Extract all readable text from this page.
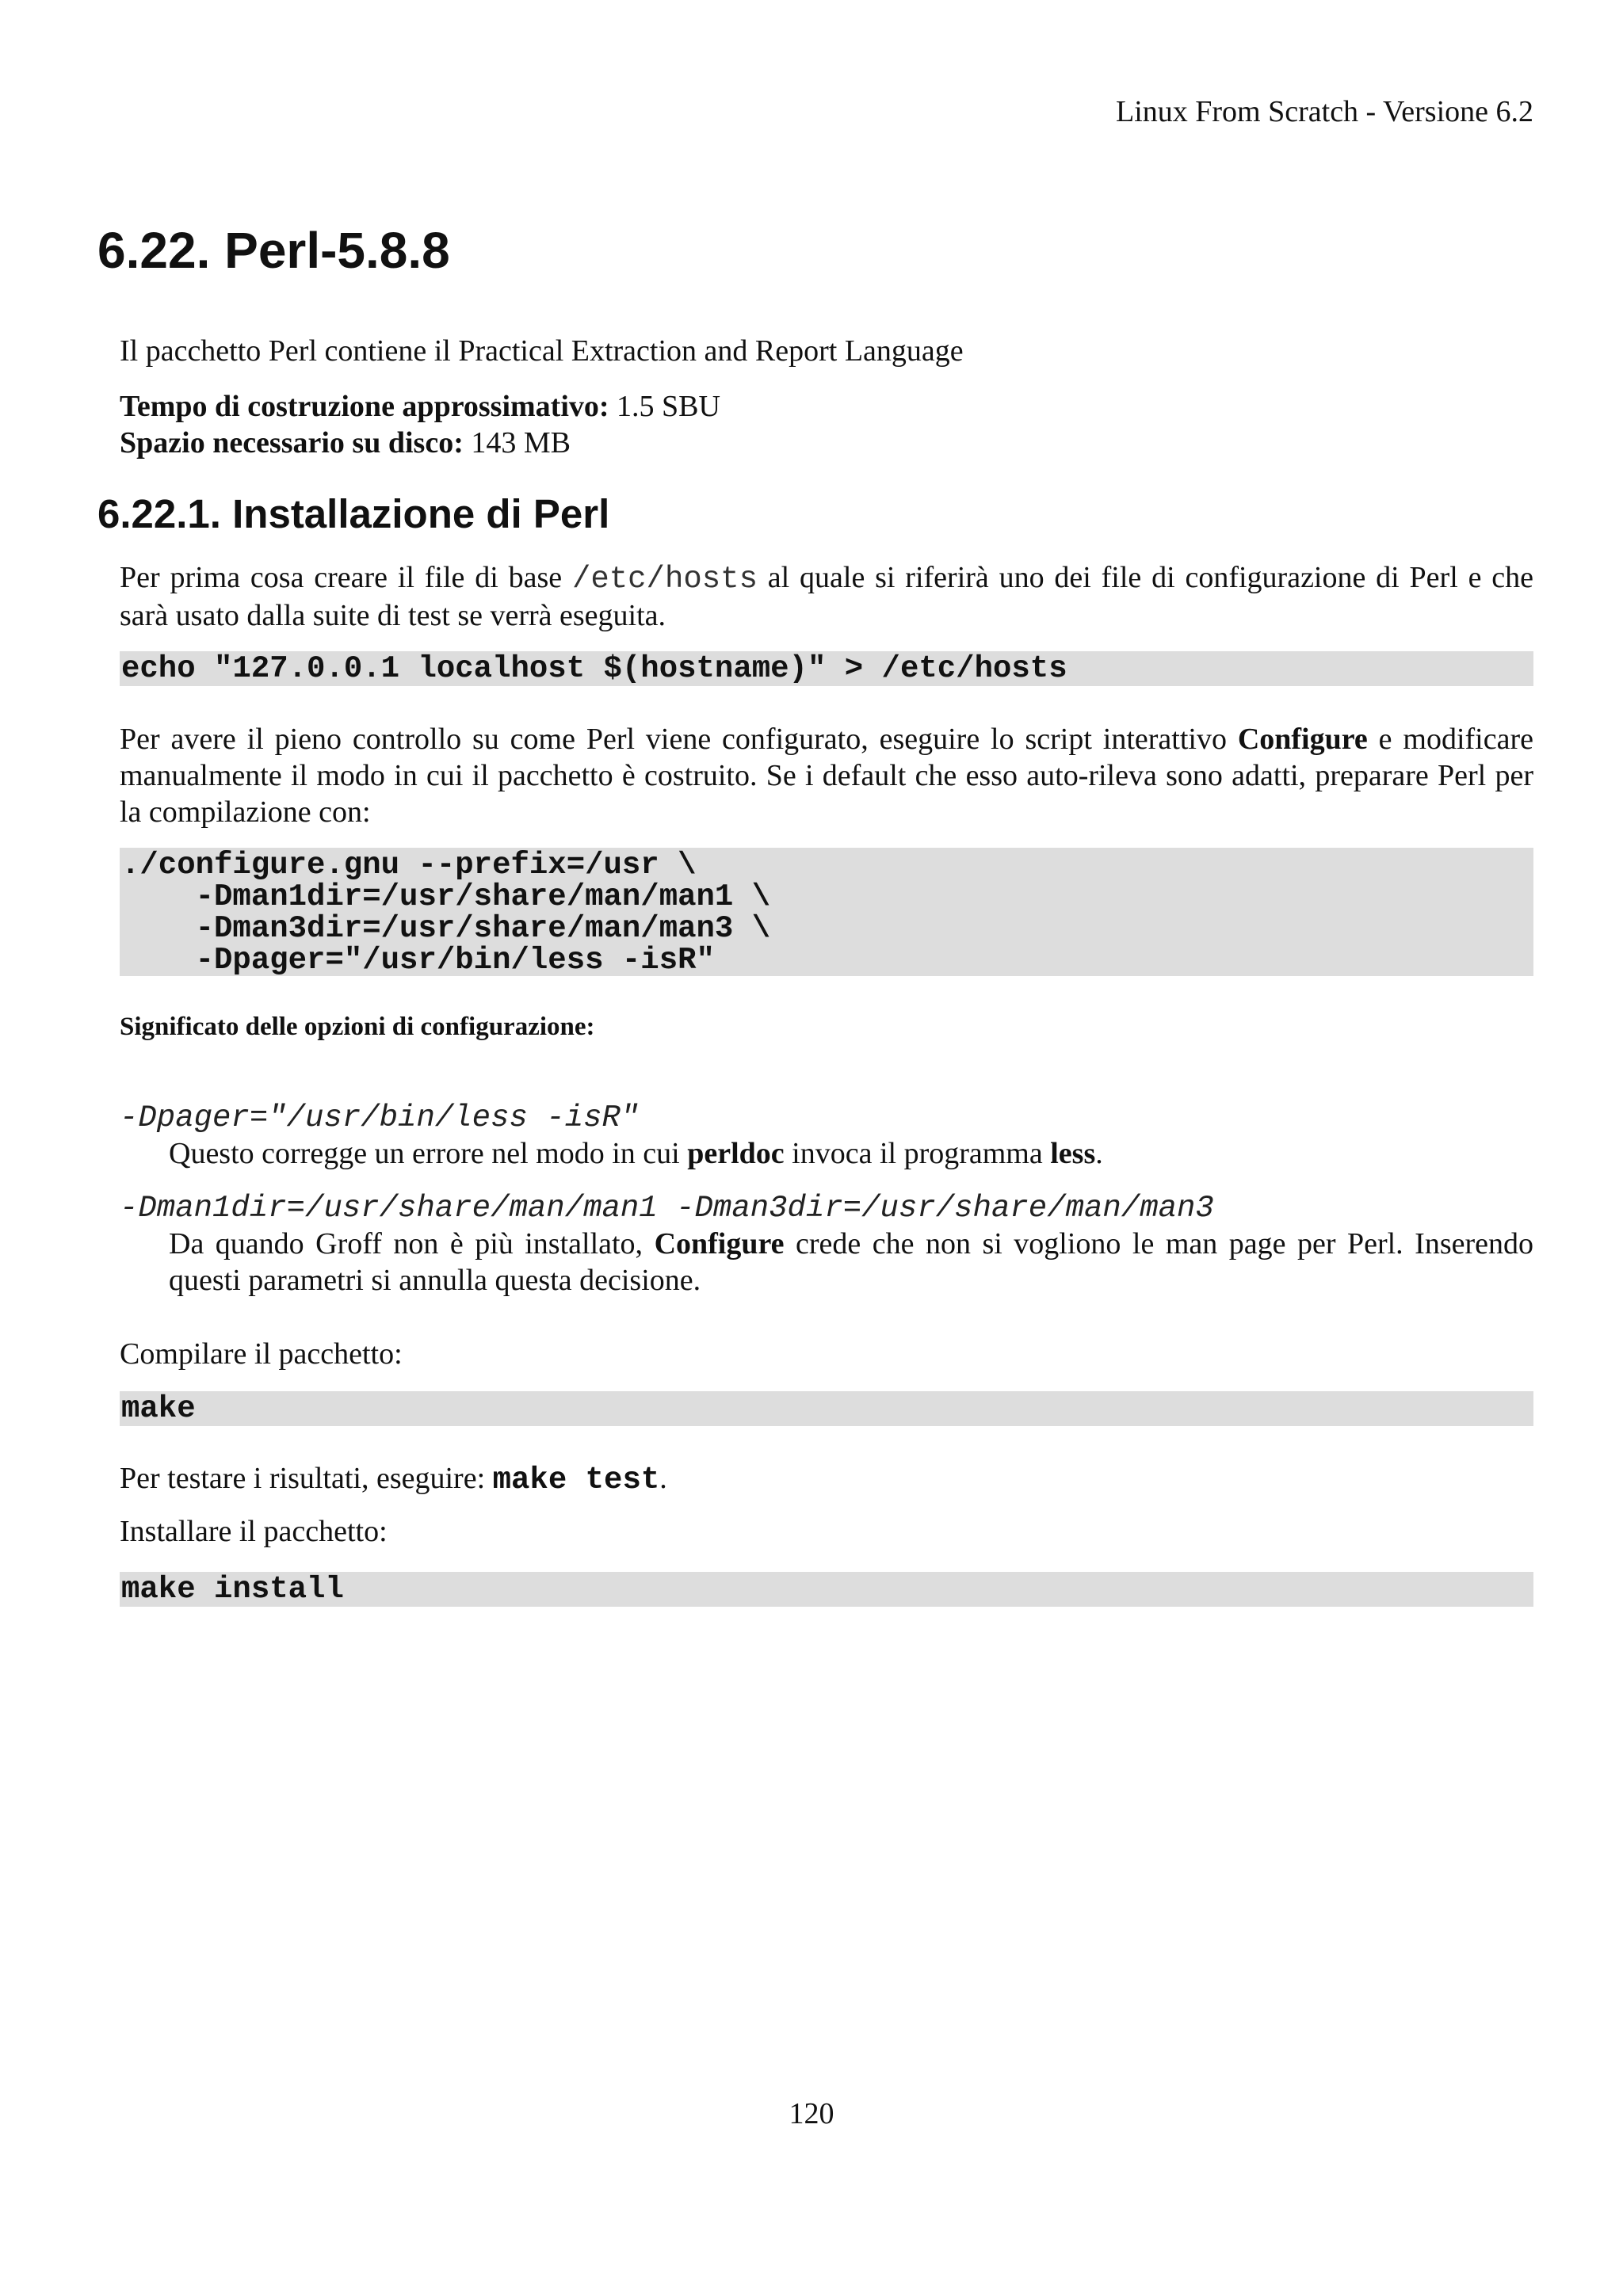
Linux From Scratch - Versione 6.2
6.22. Perl-5.8.8

Il pacchetto Perl contiene il Practical Extraction and Report Language

Tempo di costruzione approssimativo: 1.5 SBU

Spazio necessario su disco: 143 MB

6.22.1. Installazione di Perl

Per prima cosa creare il file di base /etc/hosts al quale si riferirà uno dei file di configurazione di Perl e che sarà usato dalla suite di test se verrà eseguita.

echo "127.0.0.1 localhost $(hostname)" > /etc/hosts

Per avere il pieno controllo su come Perl viene configurato, eseguire lo script interattivo Configure e modificare manualmente il modo in cui il pacchetto è costruito. Se i default che esso auto-rileva sono adatti, preparare Perl per la compilazione con:

./configure.gnu --prefix=/usr \
-Dman1dir=/usr/share/man/man1 \
-Dman3dir=/usr/share/man/man3 \
-Dpager="/usr/bin/less -isR"
Significato delle opzioni di configurazione:
-Dpager="/usr/bin/less -isR"

Questo corregge un errore nel modo in cui perldoc invoca il programma less.

-Dman1dir=/usr/share/man/man1 -Dman3dir=/usr/share/man/man3

Da quando Groff non è più installato, Configure crede che non si vogliono le man page per Perl. Inserendo questi parametri si annulla questa decisione.

Compilare il pacchetto:

make

Per testare i risultati, eseguire: make test.

Installare il pacchetto:

make install
120
